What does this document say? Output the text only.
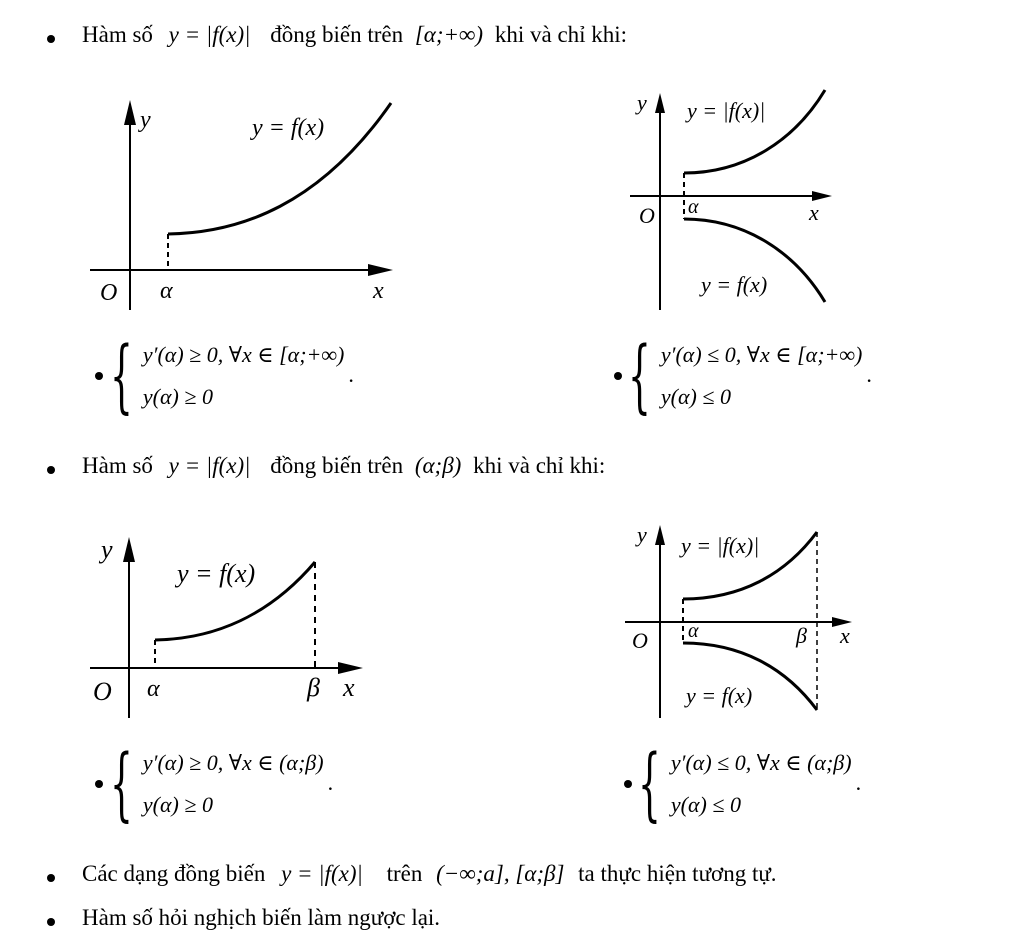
Hàm số y = |f(x)| đồng biến trên [α;+∞) khi và chỉ khi:
y	y = f(x)
O α	x
y y = |f(x)|
O α	x
y = f(x)
{ y′(α) ≥ 0, ∀x ∈ [α;+∞)
y(α) ≥ 0
.	{ y′(α) ≤ 0, ∀x ∈ [α;+∞)
y(α) ≤ 0
.
Hàm số y = |f(x)| đồng biến trên (α;β) khi và chỉ khi:
y
y = f(x)
O α	β x
y y = |f(x)|
O α	β x
y = f(x)
{ y′(α) ≥ 0, ∀x ∈ (α;β)
y(α) ≥ 0
.	{ y′(α) ≤ 0, ∀x ∈ (α;β)
y(α) ≤ 0
.
Các dạng đồng biến y = |f(x)| trên (−∞;a], [α;β] ta thực hiện tương tự.
Hàm số hỏi nghịch biến làm ngược lại.
